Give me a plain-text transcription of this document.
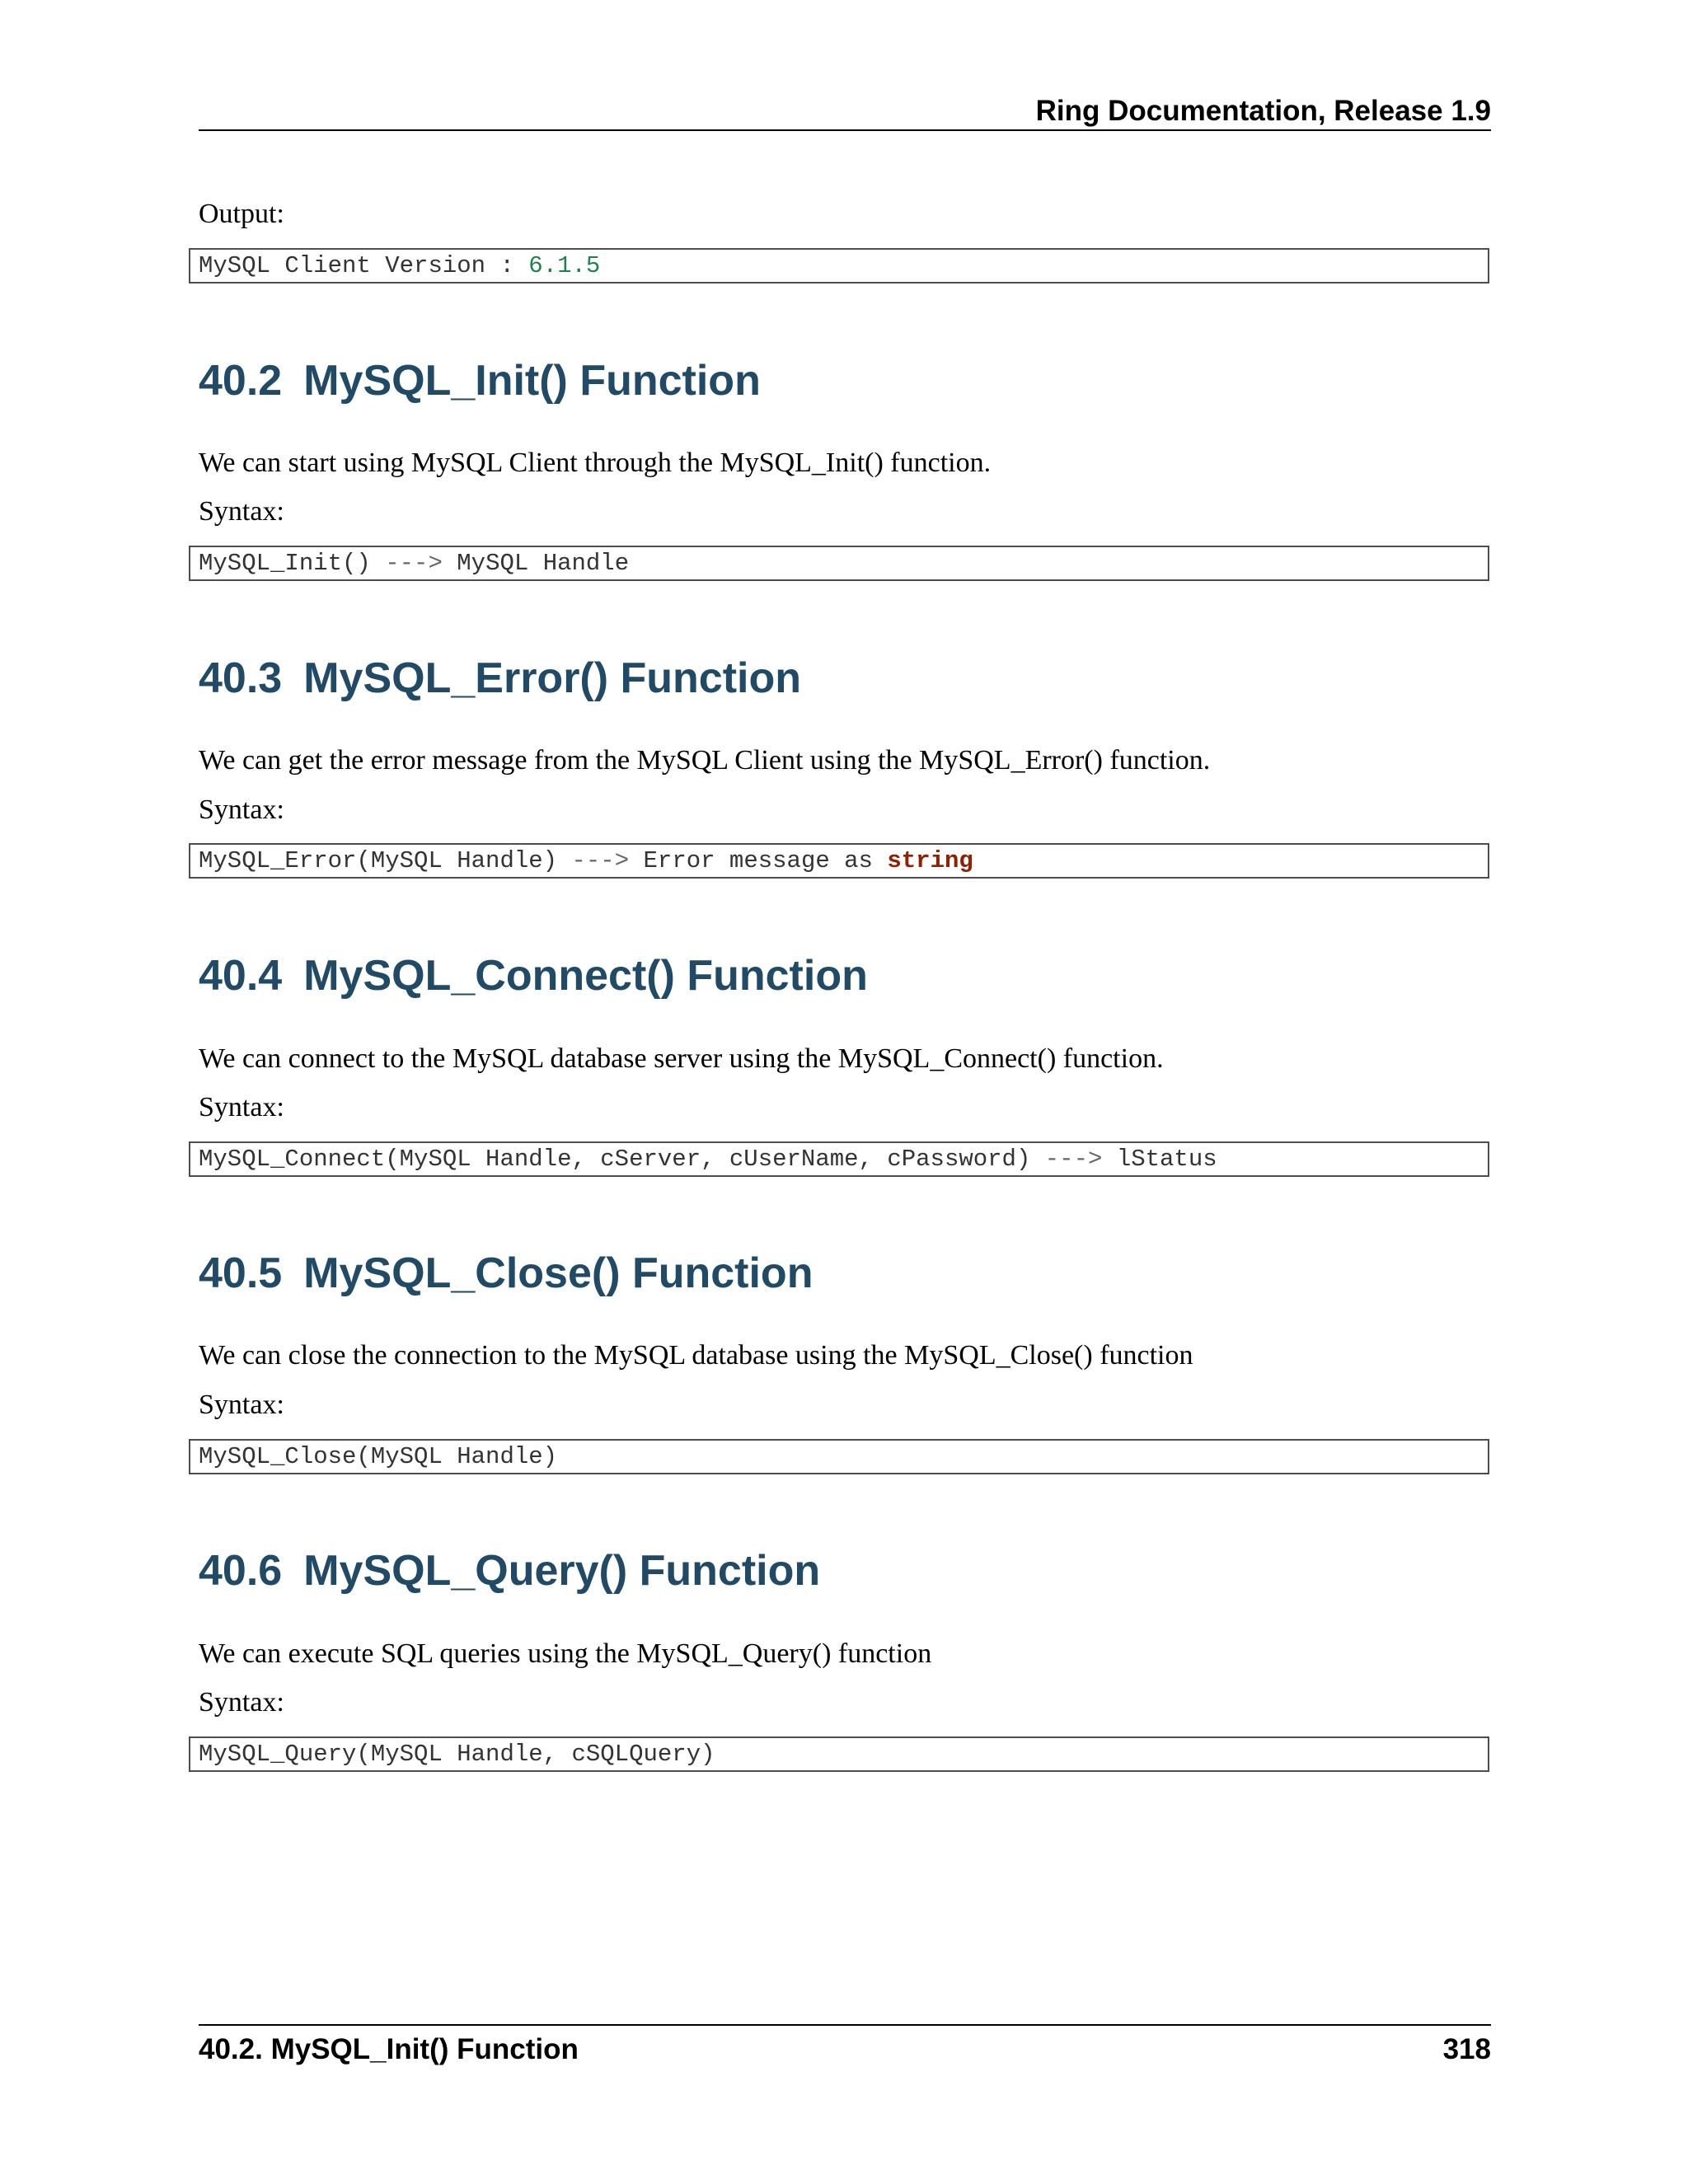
Ring Documentation, Release 1.9

Output:

MySQL Client Version : 6.1.5
40.2 MySQL_Init() Function

We can start using MySQL Client through the MySQL_Init() function.

Syntax:

MySQL_Init() ---> MySQL Handle
40.3 MySQL_Error() Function

We can get the error message from the MySQL Client using the MySQL_Error() function.

Syntax:

MySQL_Error(MySQL Handle) ---> Error message as string
40.4 MySQL_Connect() Function

We can connect to the MySQL database server using the MySQL_Connect() function.

Syntax:

MySQL_Connect(MySQL Handle, cServer, cUserName, cPassword) ---> lStatus
40.5 MySQL_Close() Function

We can close the connection to the MySQL database using the MySQL_Close() function

Syntax:

MySQL_Close(MySQL Handle)
40.6 MySQL_Query() Function

We can execute SQL queries using the MySQL_Query() function

Syntax:

MySQL_Query(MySQL Handle, cSQLQuery)
40.2. MySQL_Init() Function	318
